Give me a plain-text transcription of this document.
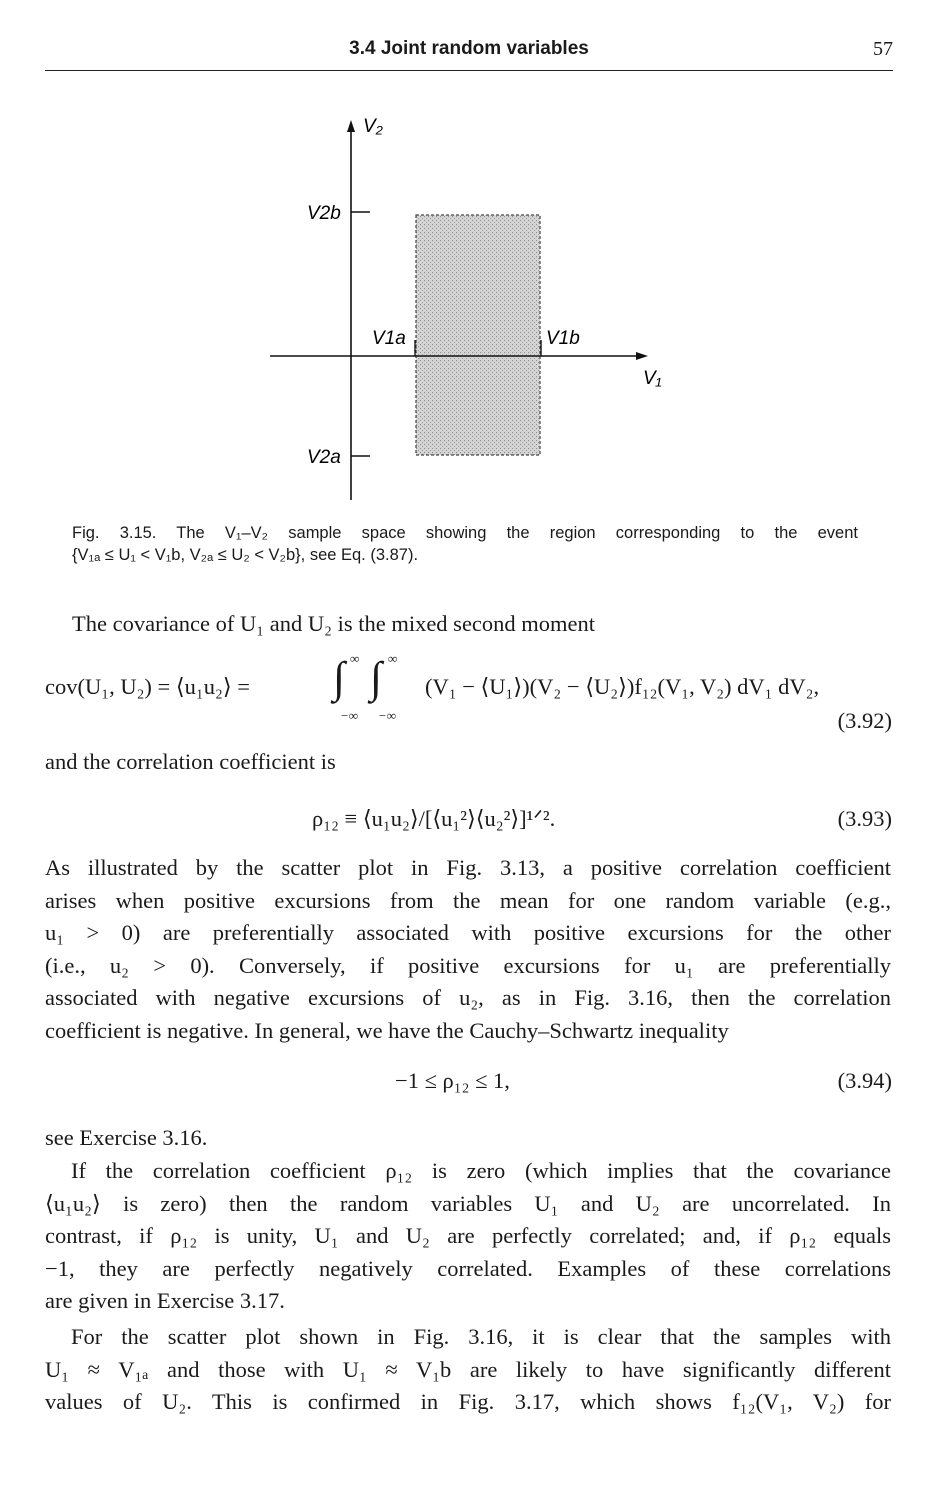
3.4 Joint random variables	57
V₂
V₁
V2b
V2a
V1a	V1b
Fig. 3.15. The V₁–V₂ sample space showing the region corresponding to the event
{V₁ₐ ≤ U₁ < V₁b, V₂ₐ ≤ U₂ < V₂b}, see Eq. (3.87).
The covariance of U₁ and U₂ is the mixed second moment
cov(U₁, U₂) = ⟨u₁u₂⟩ = ∫ ∞
−∞
∫ ∞
−∞
(V₁ − ⟨U₁⟩)(V₂ − ⟨U₂⟩)f₁₂(V₁, V₂) dV₁ dV₂,
(3.92)
and the correlation coefficient is
ρ₁₂ ≡ ⟨u₁u₂⟩/[⟨u₁²⟩⟨u₂²⟩]¹ᐟ².	(3.93)
As illustrated by the scatter plot in Fig. 3.13, a positive correlation coefficient
arises when positive excursions from the mean for one random variable (e.g.,
u₁ > 0) are preferentially associated with positive excursions for the other
(i.e., u₂ > 0). Conversely, if positive excursions for u₁ are preferentially
associated with negative excursions of u₂, as in Fig. 3.16, then the correlation
coefficient is negative. In general, we have the Cauchy–Schwartz inequality
−1 ≤ ρ₁₂ ≤ 1,	(3.94)
see Exercise 3.16.
If the correlation coefficient ρ₁₂ is zero (which implies that the covariance
⟨u₁u₂⟩ is zero) then the random variables U₁ and U₂ are uncorrelated. In
contrast, if ρ₁₂ is unity, U₁ and U₂ are perfectly correlated; and, if ρ₁₂ equals
−1, they are perfectly negatively correlated. Examples of these correlations
are given in Exercise 3.17.
For the scatter plot shown in Fig. 3.16, it is clear that the samples with
U₁ ≈ V₁ₐ and those with U₁ ≈ V₁b are likely to have significantly different
values of U₂. This is confirmed in Fig. 3.17, which shows f₁₂(V₁, V₂) for
